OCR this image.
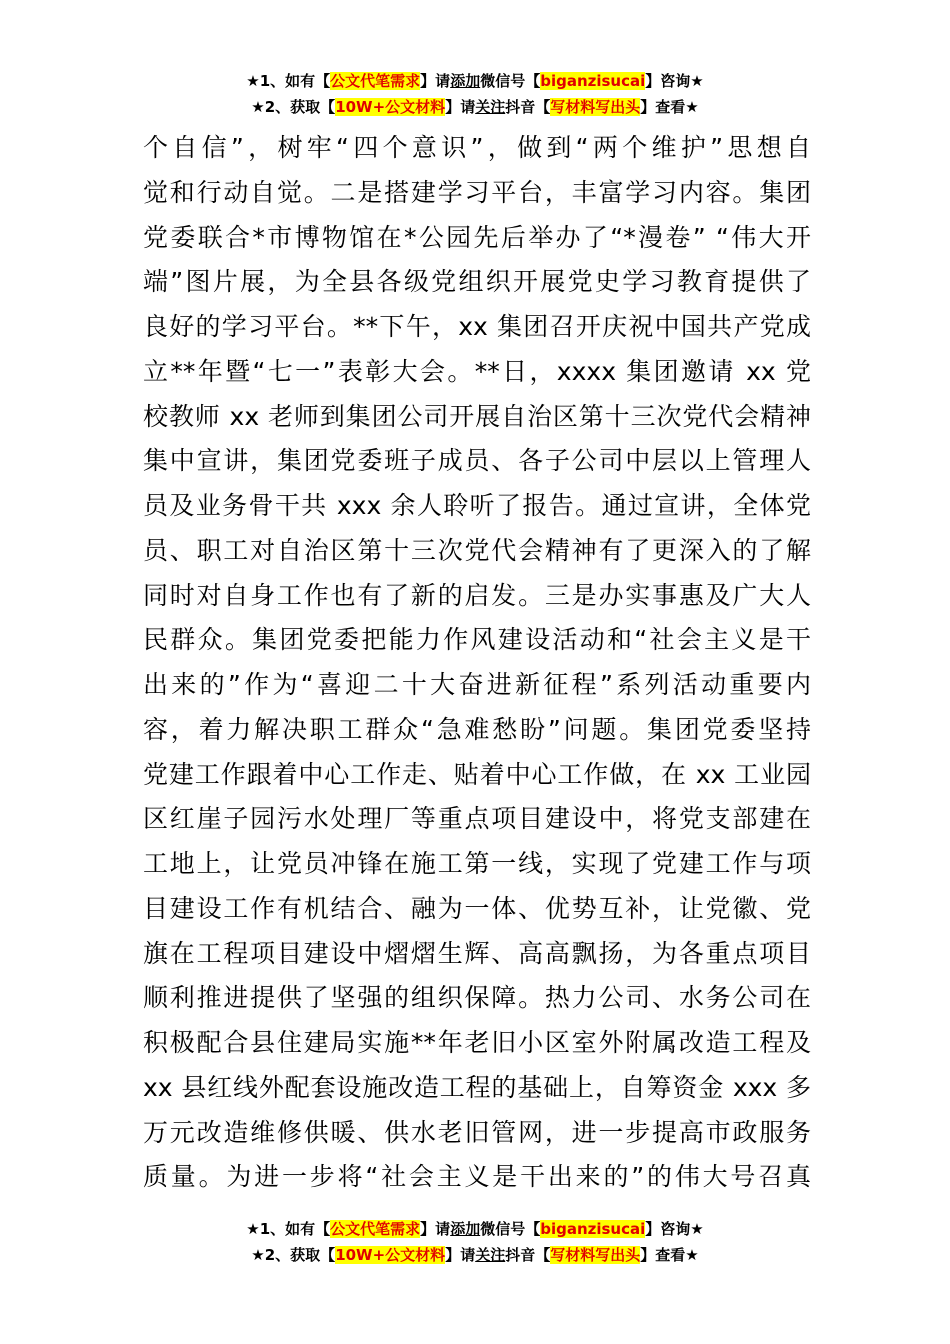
★1、如有【公文代笔需求】请添加微信号【biganzisucai】咨询★
★2、获取【10W+公文材料】请关注抖音【写材料写出头】查看★
个自信”，树牢“四个意识”，做到“两个维护”思想自
觉和行动自觉。二是搭建学习平台，丰富学习内容。集团
党委联合*市博物馆在*公园先后举办了“*漫卷” “伟大开
端”图片展，为全县各级党组织开展党史学习教育提供了
良好的学习平台。**下午，xx 集团召开庆祝中国共产党成
立**年暨“七一”表彰大会。**日，xxxx 集团邀请 xx 党
校教师 xx 老师到集团公司开展自治区第十三次党代会精神
集中宣讲，集团党委班子成员、各子公司中层以上管理人
员及业务骨干共 xxx 余人聆听了报告。通过宣讲，全体党
员、职工对自治区第十三次党代会精神有了更深入的了解
同时对自身工作也有了新的启发。三是办实事惠及广大人
民群众。集团党委把能力作风建设活动和“社会主义是干
出来的”作为“喜迎二十大奋进新征程”系列活动重要内
容，着力解决职工群众“急难愁盼”问题。集团党委坚持
党建工作跟着中心工作走、贴着中心工作做，在 xx 工业园
区红崖子园污水处理厂等重点项目建设中，将党支部建在
工地上，让党员冲锋在施工第一线，实现了党建工作与项
目建设工作有机结合、融为一体、优势互补，让党徽、党
旗在工程项目建设中熠熠生辉、高高飘扬，为各重点项目
顺利推进提供了坚强的组织保障。热力公司、水务公司在
积极配合县住建局实施**年老旧小区室外附属改造工程及
xx 县红线外配套设施改造工程的基础上，自筹资金 xxx 多
万元改造维修供暖、供水老旧管网，进一步提高市政服务
质量。为进一步将“社会主义是干出来的”的伟大号召真
★1、如有【公文代笔需求】请添加微信号【biganzisucai】咨询★
★2、获取【10W+公文材料】请关注抖音【写材料写出头】查看★
